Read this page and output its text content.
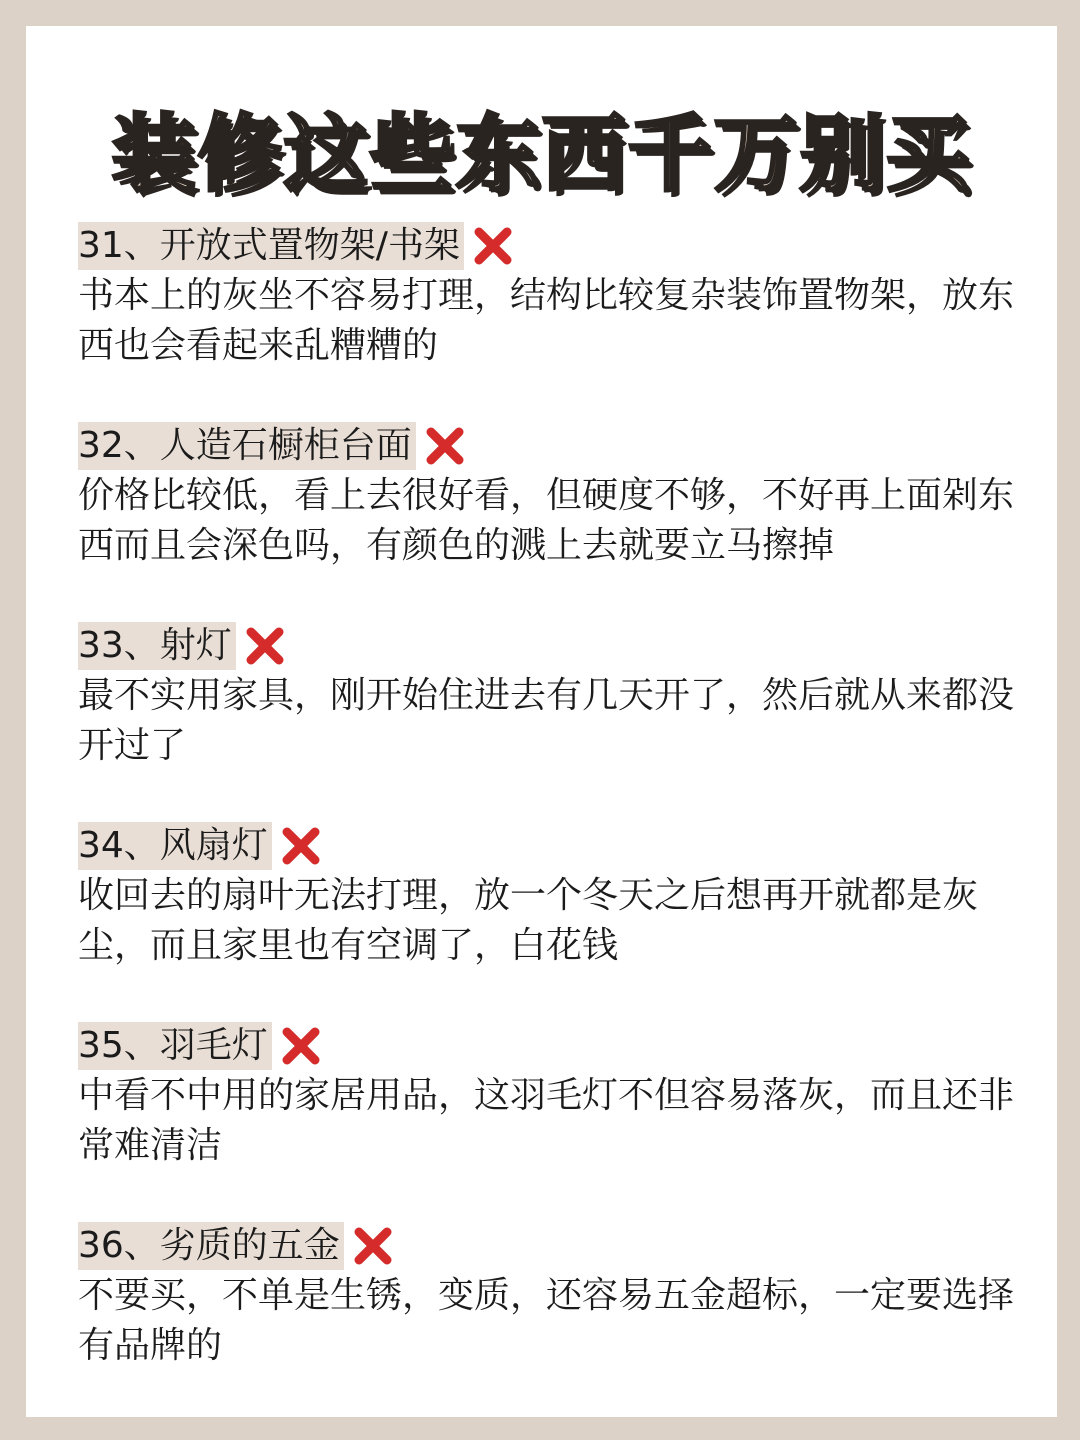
装修这些东西千万别买
31、开放式置物架/书架

书本上的灰坐不容易打理，结构比较复杂装饰置物架，放东西也会看起来乱糟糟的

32、人造石橱柜台面

价格比较低，看上去很好看，但硬度不够，不好再上面剁东西而且会深色吗，有颜色的溅上去就要立马擦掉

33、射灯

最不实用家具，刚开始住进去有几天开了，然后就从来都没开过了

34、风扇灯

收回去的扇叶无法打理，放一个冬天之后想再开就都是灰尘，而且家里也有空调了，白花钱

35、羽毛灯

中看不中用的家居用品，这羽毛灯不但容易落灰，而且还非常难清洁

36、劣质的五金

不要买，不单是生锈，变质，还容易五金超标，一定要选择有品牌的
